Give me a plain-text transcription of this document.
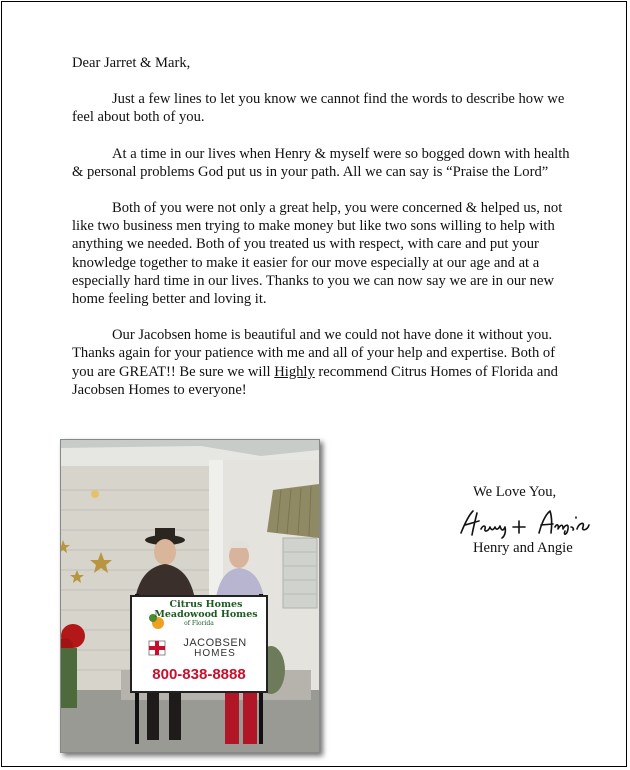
Dear Jarret & Mark,

Just a few lines to let you know we cannot find the words to describe how we feel about both of you.

At a time in our lives when Henry & myself were so bogged down with health & personal problems God put us in your path. All we can say is “Praise the Lord”

Both of you were not only a great help, you were concerned & helped us, not like two business men trying to make money but like two sons willing to help with anything we needed. Both of you treated us with respect, with care and put your knowledge together to make it easier for our move especially at our age and at a especially hard time in our lives. Thanks to you we can now say we are in our new home feeling better and loving it.

Our Jacobsen home is beautiful and we could not have done it without you. Thanks again for your patience with me and all of your help and expertise. Both of you are GREAT!! Be sure we will Highly recommend Citrus Homes of Florida and Jacobsen Homes to everyone!

We Love You,
Henry and Angie
Citrus Homes
Meadowood Homes
of Florida
JACOBSEN
HOMES
800-838-8888
